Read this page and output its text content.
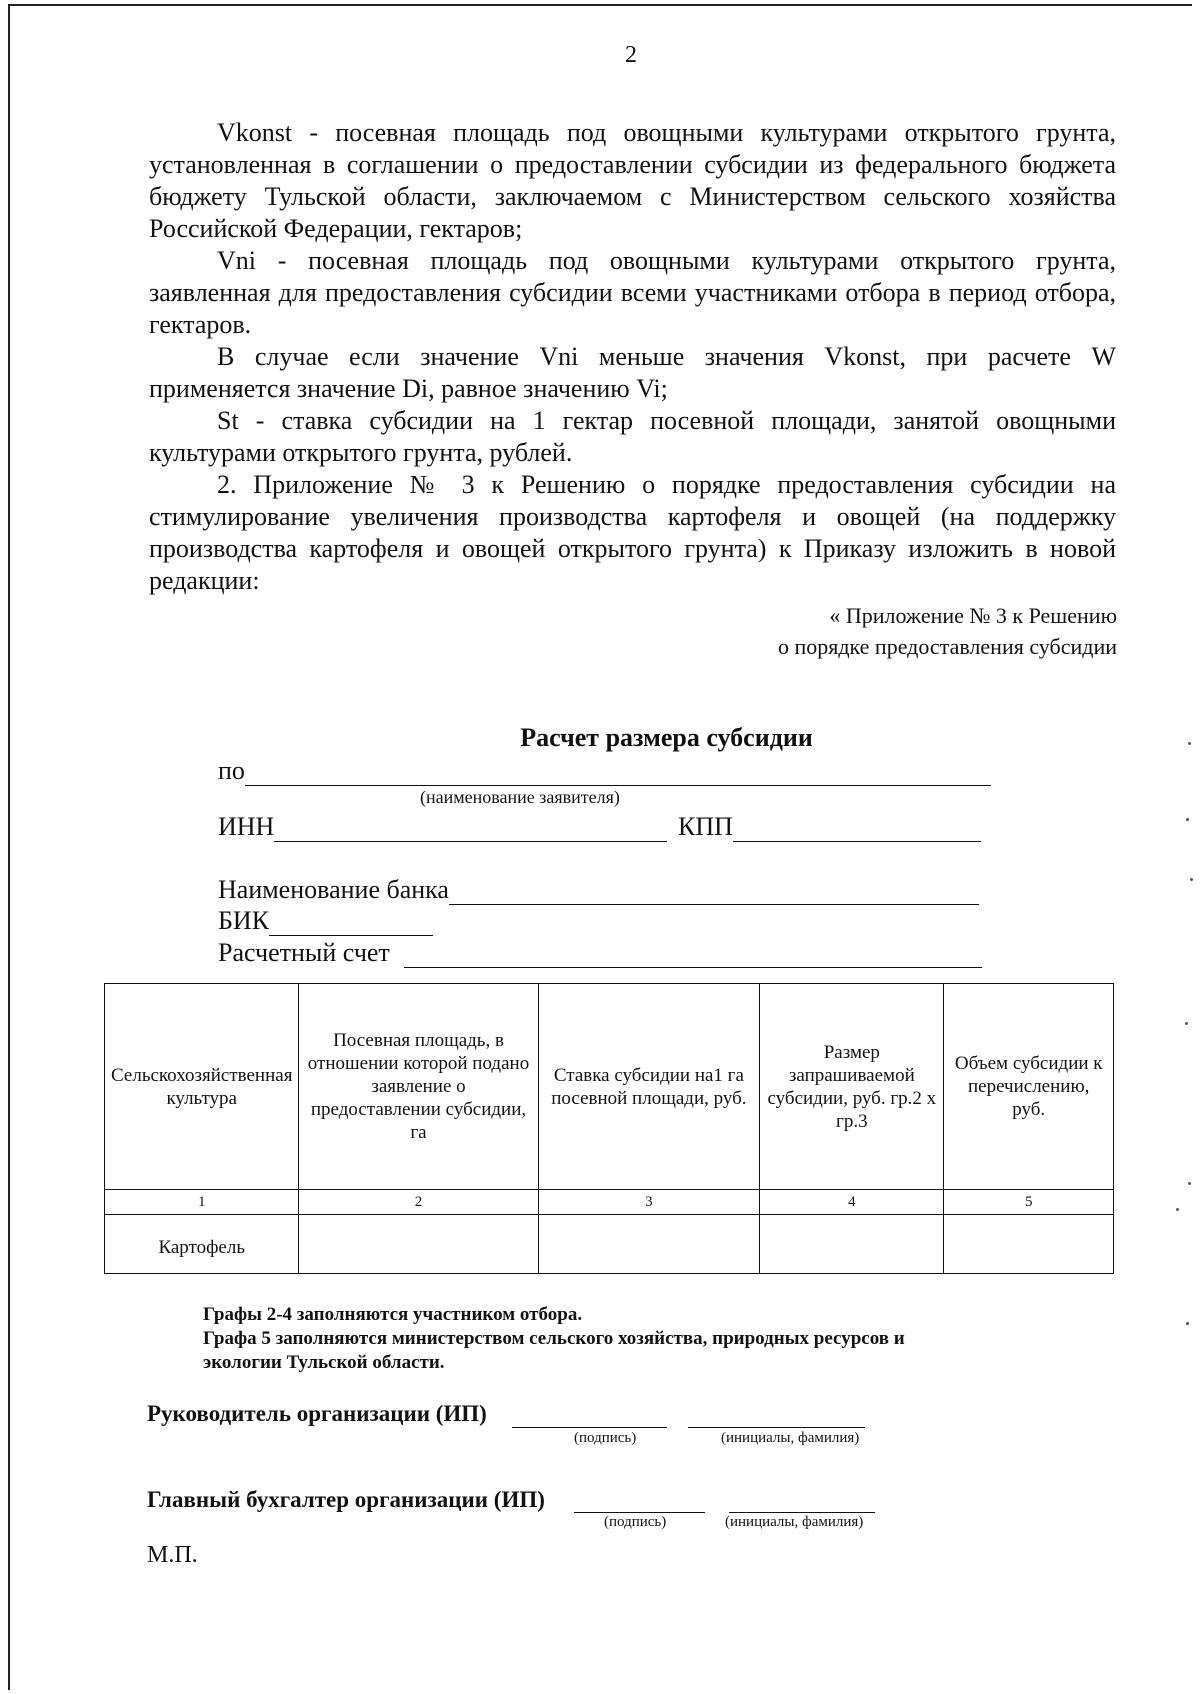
2

Vkonst - посевная площадь под овощными культурами открытого грунта, установленная в соглашении о предоставлении субсидии из федерального бюджета бюджету Тульской области, заключаемом с Министерством сельского хозяйства Российской Федерации, гектаров;

Vni - посевная площадь под овощными культурами открытого грунта, заявленная для предоставления субсидии всеми участниками отбора в период отбора, гектаров.

В случае если значение Vni меньше значения Vkonst, при расчете W применяется значение Di, равное значению Vi;

St - ставка субсидии на 1 гектар посевной площади, занятой овощными культурами открытого грунта, рублей.

2. Приложение № 3 к Решению о порядке предоставления субсидии на стимулирование увеличения производства картофеля и овощей (на поддержку производства картофеля и овощей открытого грунта) к Приказу изложить в новой редакции:

« Приложение № 3 к Решению
о порядке предоставления субсидии
Расчет размера субсидии
по
(наименование заявителя)
ИНН	КПП
Наименование банка
БИК
Расчетный счет
Сельскохозяйственная культура	Посевная площадь, в отношении которой подано заявление о предоставлении субсидии, га	Ставка субсидии на1 га посевной площади, руб.	Размер запрашиваемой субсидии, руб. гр.2 х гр.3	Объем субсидии к перечислению, руб.
1	2	3	4	5
Картофель				
Графы 2-4 заполняются участником отбора.
Графа 5 заполняются министерством сельского хозяйства, природных ресурсов и
экологии Тульской области.
Руководитель организации (ИП)
(подпись)	(инициалы, фамилия)
Главный бухгалтер организации (ИП)
(подпись)	(инициалы, фамилия)
М.П.
